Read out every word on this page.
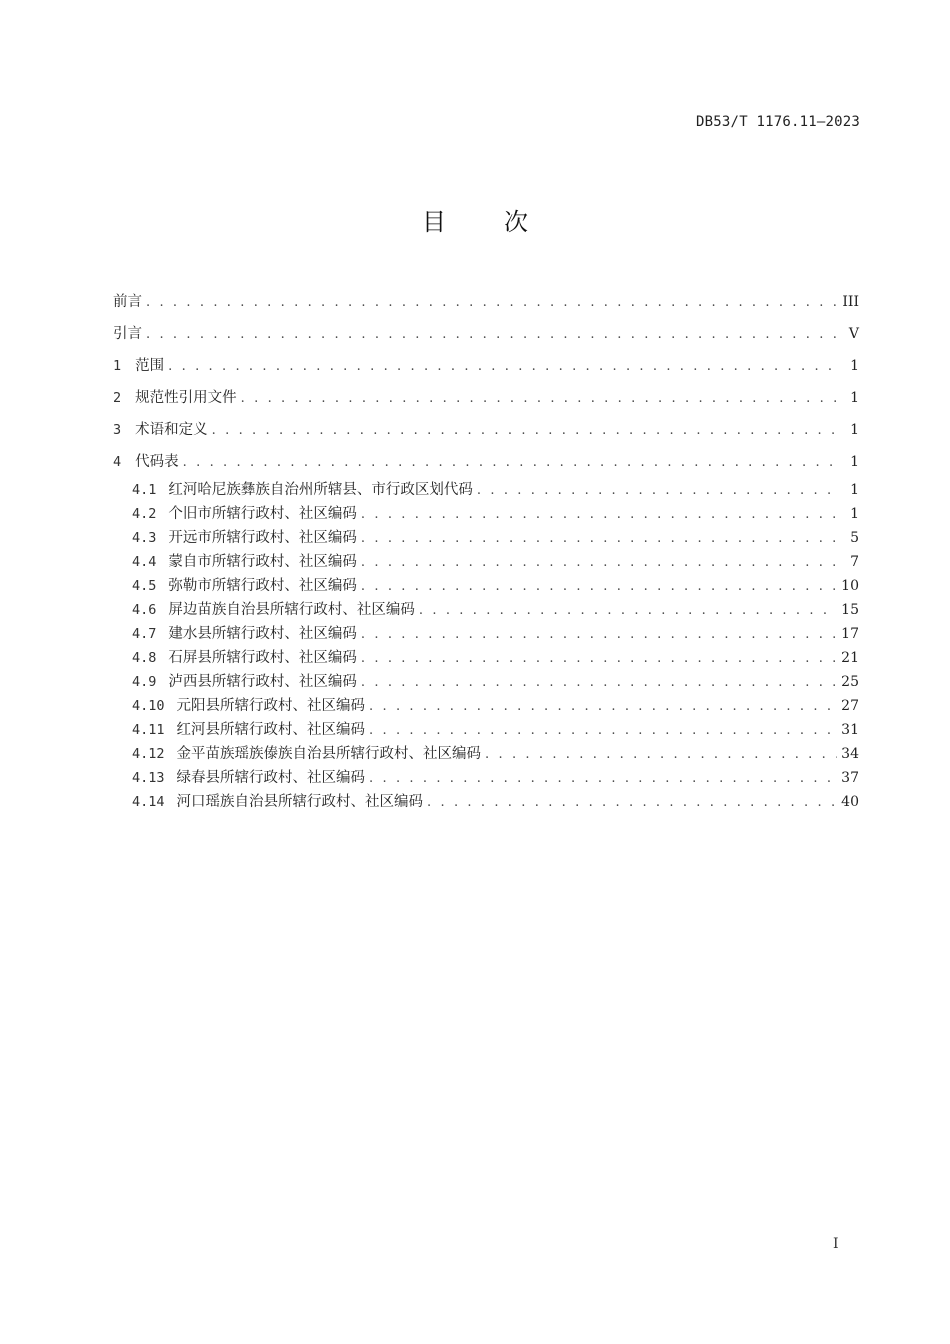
DB53/T 1176.11—2023
目次
前言 . . .	III
引言 . . .	V
1 范围 . . .	1
2 规范性引用文件 . . .	1
3 术语和定义 . . .	1
4 代码表 . . .	1
4.1 红河哈尼族彝族自治州所辖县、市行政区划代码 . . .	1
4.2 个旧市所辖行政村、社区编码 . . .	1
4.3 开远市所辖行政村、社区编码 . . .	5
4.4 蒙自市所辖行政村、社区编码 . . .	7
4.5 弥勒市所辖行政村、社区编码 . . .	10
4.6 屏边苗族自治县所辖行政村、社区编码 . . .	15
4.7 建水县所辖行政村、社区编码 . . .	17
4.8 石屏县所辖行政村、社区编码 . . .	21
4.9 泸西县所辖行政村、社区编码 . . .	25
4.10 元阳县所辖行政村、社区编码 . . .	27
4.11 红河县所辖行政村、社区编码 . . .	31
4.12 金平苗族瑶族傣族自治县所辖行政村、社区编码 . . .	34
4.13 绿春县所辖行政村、社区编码 . . .	37
4.14 河口瑶族自治县所辖行政村、社区编码 . . .	40
I
